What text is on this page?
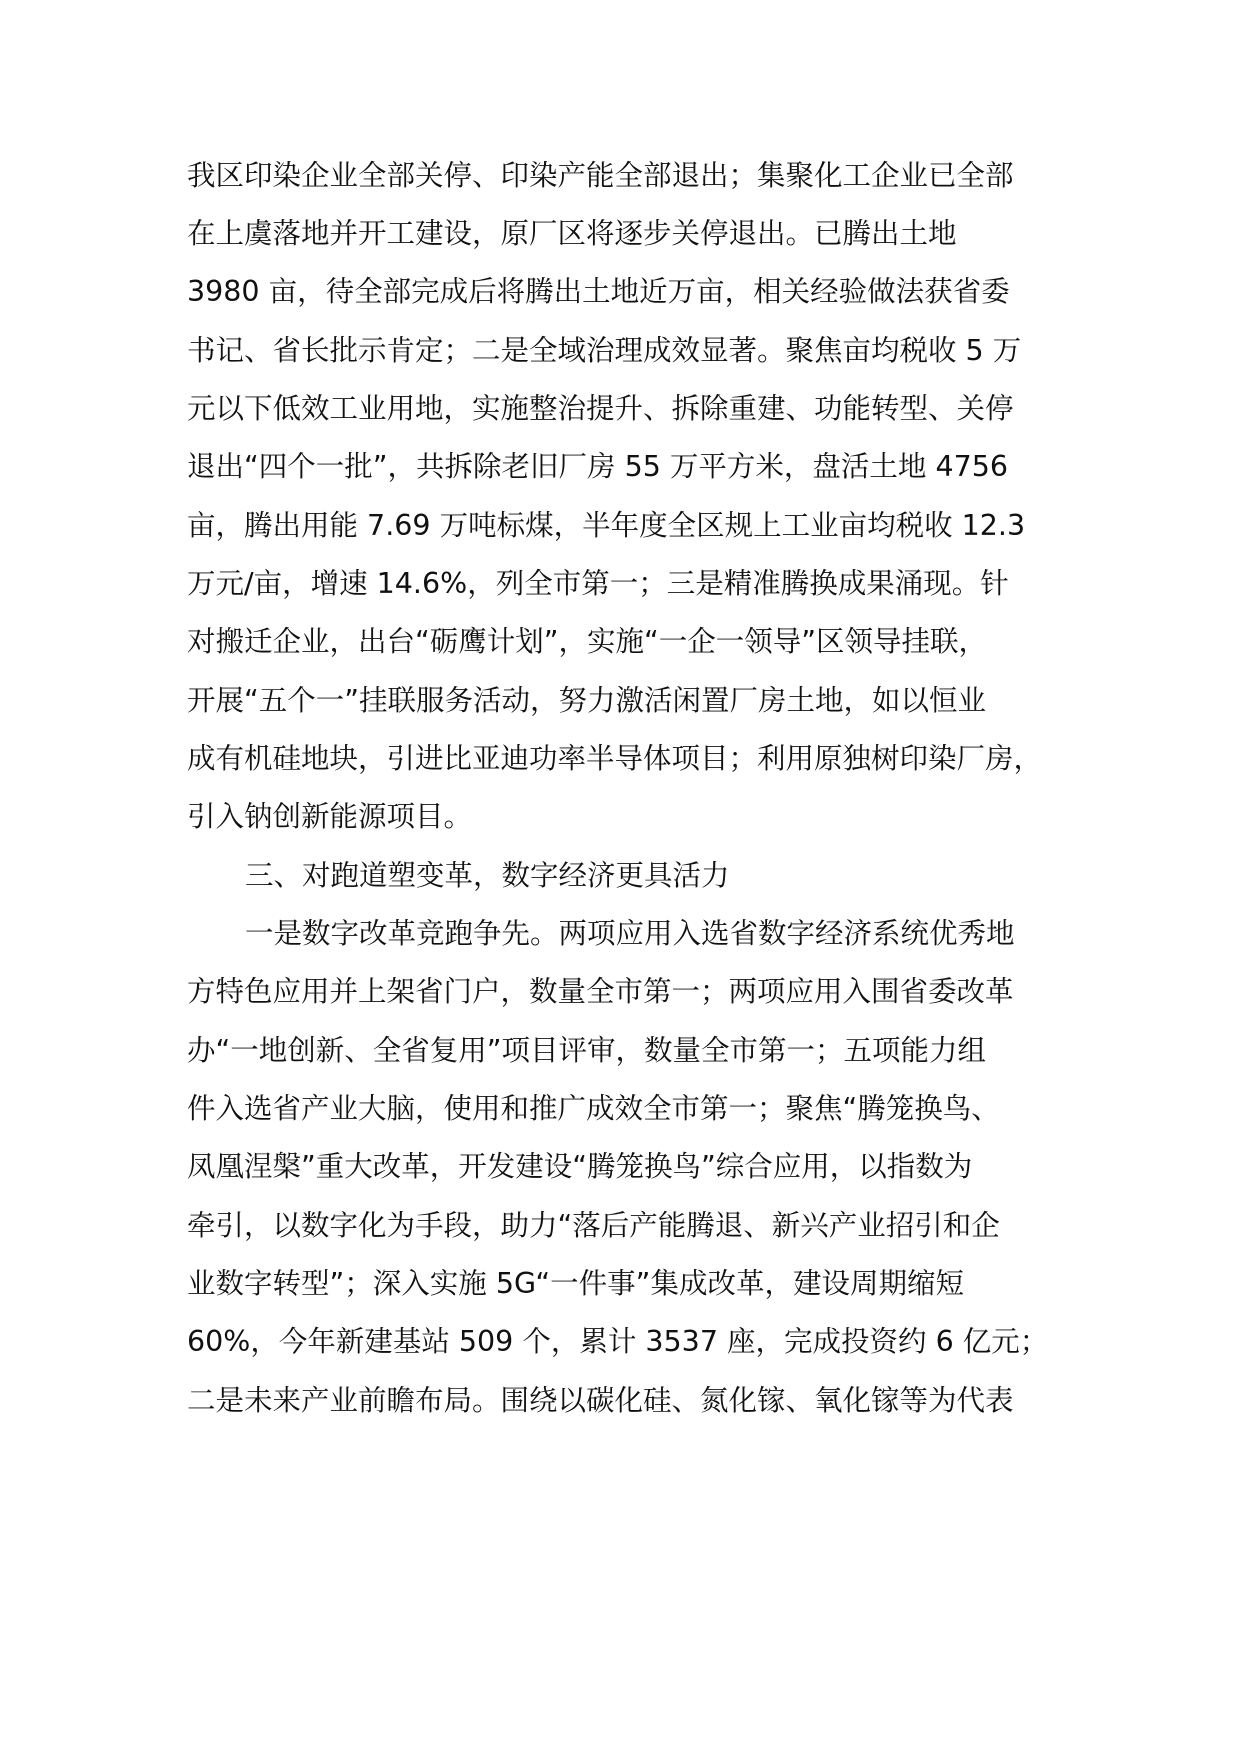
我区印染企业全部关停、印染产能全部退出；集聚化工企业已全部
在上虞落地并开工建设，原厂区将逐步关停退出。已腾出土地
3980 亩，待全部完成后将腾出土地近万亩，相关经验做法获省委
书记、省长批示肯定；二是全域治理成效显著。聚焦亩均税收 5 万
元以下低效工业用地，实施整治提升、拆除重建、功能转型、关停
退出“四个一批”，共拆除老旧厂房 55 万平方米，盘活土地 4756
亩，腾出用能 7.69 万吨标煤，半年度全区规上工业亩均税收 12.3
万元/亩，增速 14.6%，列全市第一；三是精准腾换成果涌现。针
对搬迁企业，出台“砺鹰计划”，实施“一企一领导”区领导挂联，
开展“五个一”挂联服务活动，努力激活闲置厂房土地，如以恒业
成有机硅地块，引进比亚迪功率半导体项目；利用原独树印染厂房，
引入钠创新能源项目。
三、对跑道塑变革，数字经济更具活力
一是数字改革竞跑争先。两项应用入选省数字经济系统优秀地
方特色应用并上架省门户，数量全市第一；两项应用入围省委改革
办“一地创新、全省复用”项目评审，数量全市第一；五项能力组
件入选省产业大脑，使用和推广成效全市第一；聚焦“腾笼换鸟、
凤凰涅槃”重大改革，开发建设“腾笼换鸟”综合应用，以指数为
牵引，以数字化为手段，助力“落后产能腾退、新兴产业招引和企
业数字转型”；深入实施 5G“一件事”集成改革，建设周期缩短
60%，今年新建基站 509 个，累计 3537 座，完成投资约 6 亿元；
二是未来产业前瞻布局。围绕以碳化硅、氮化镓、氧化镓等为代表
